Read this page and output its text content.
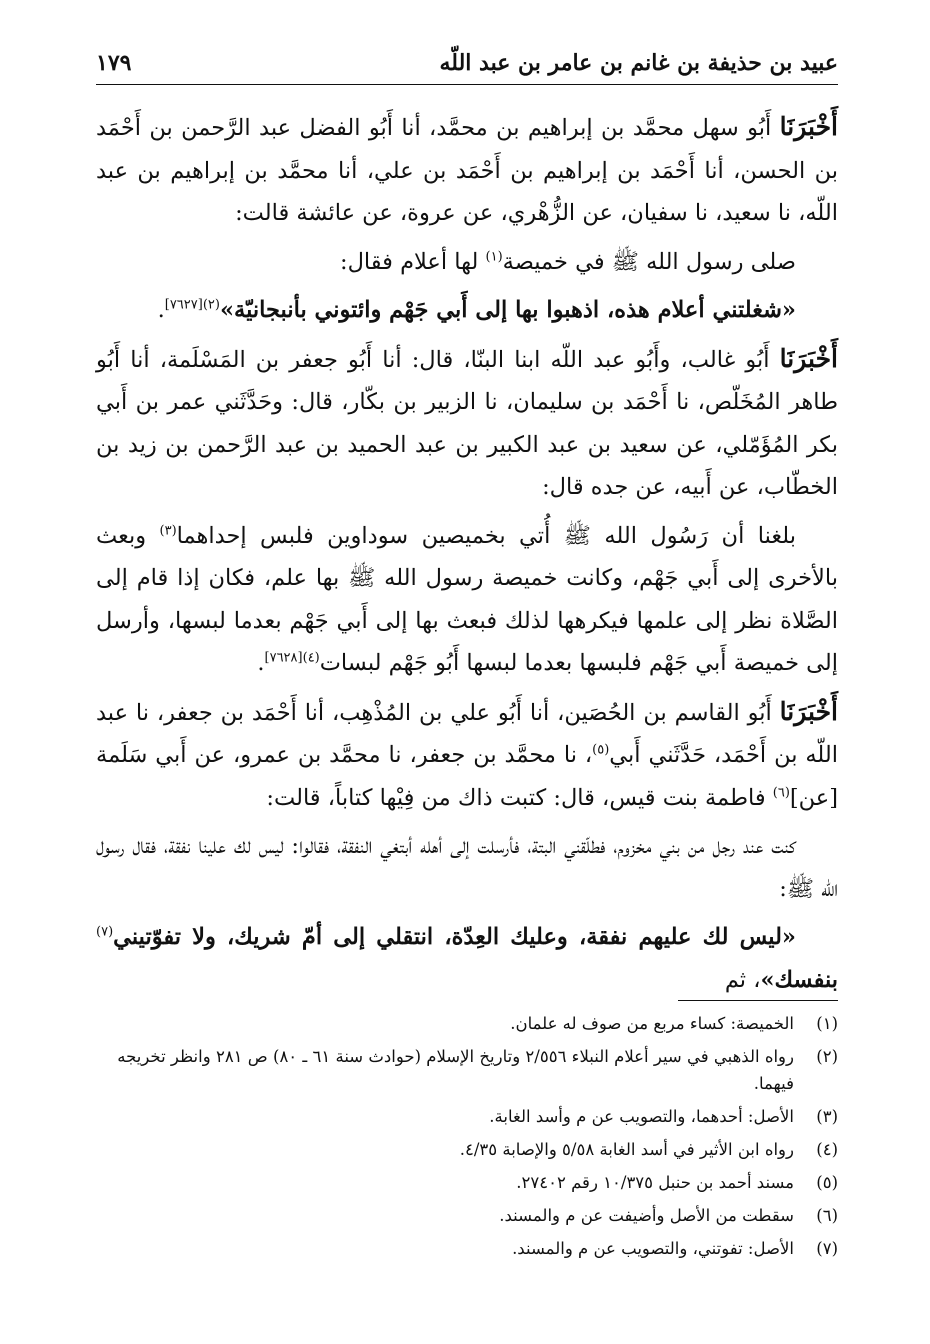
عبيد بن حذيفة بن غانم بن عامر بن عبد اللّه
١٧٩

أَخْبَرَنَا أَبُو سهل محمَّد بن إبراهيم بن محمَّد، أنا أَبُو الفضل عبد الرَّحمن بن أَحْمَد بن الحسن، أنا أَحْمَد بن إبراهيم بن أَحْمَد بن علي، أنا محمَّد بن إبراهيم بن عبد اللّه، نا سعيد، نا سفيان، عن الزُّهْري، عن عروة، عن عائشة قالت:

صلى رسول الله ﷺ في خميصة$^{(١)}$ لها أعلام فقال:

«شغلتني أعلام هذه، اذهبوا بها إلى أَبي جَهْم وائتوني بأنبجانيّة»$^{(٢)[٧٦٢٧]}$.

أَخْبَرَنَا أَبُو غالب، وأَبُو عبد اللّه ابنا البنّا، قال: أنا أَبُو جعفر بن المَسْلَمة، أنا أَبُو طاهر المُخَلّص، نا أَحْمَد بن سليمان، نا الزبير بن بكّار، قال: وحَدَّثَني عمر بن أَبي بكر المُؤَمّلي، عن سعيد بن عبد الكبير بن عبد الحميد بن عبد الرَّحمن بن زيد بن الخطّاب، عن أَبيه، عن جده قال:

بلغنا أن رَسُول الله ﷺ أُتي بخميصين سوداوين فلبس إحداهما$^{(٣)}$ وبعث بالأخرى إلى أَبي جَهْم، وكانت خميصة رسول الله ﷺ بها علم، فكان إذا قام إلى الصَّلاة نظر إلى علمها فيكرهها لذلك فبعث بها إلى أَبي جَهْم بعدما لبسها، وأرسل إلى خميصة أَبي جَهْم فلبسها بعدما لبسها أَبُو جَهْم لبسات$^{(٤)[٧٦٢٨]}$.

أَخْبَرَنَا أَبُو القاسم بن الحُصَين، أنا أَبُو علي بن المُذْهِب، أنا أَحْمَد بن جعفر، نا عبد اللّه بن أَحْمَد، حَدَّثَني أَبي$^{(٥)}$، نا محمَّد بن جعفر، نا محمَّد بن عمرو، عن أَبي سَلَمة [عن]$^{(٦)}$ فاطمة بنت قيس، قال: كتبت ذاك من فِيْها كتاباً، قالت:

كنت عند رجل من بني مخزوم، فطلّقني البتة، فأرسلت إلى أهله أبتغي النفقة، فقالوا: ليس لك علينا نفقة، فقال رسول الله ﷺ:

«ليس لك عليهم نفقة، وعليك العِدّة، انتقلي إلى أمّ شريك، ولا تفوّتيني$^{(٧)}$ بنفسك»، ثم

(١)
الخميصة: كساء مربع من صوف له علمان.
(٢)
رواه الذهبي في سير أعلام النبلاء ٢/٥٥٦ وتاريخ الإسلام (حوادث سنة ٦١ ـ ٨٠) ص ٢٨١ وانظر تخريجه فيهما.
(٣)
الأصل: أحدهما، والتصويب عن م وأسد الغابة.
(٤)
رواه ابن الأثير في أسد الغابة ٥/٥٨ والإصابة ٤/٣٥.
(٥)
مسند أحمد بن حنبل ١٠/٣٧٥ رقم ٢٧٤٠٢.
(٦)
سقطت من الأصل وأضيفت عن م والمسند.
(٧)
الأصل: تفوتني، والتصويب عن م والمسند.
